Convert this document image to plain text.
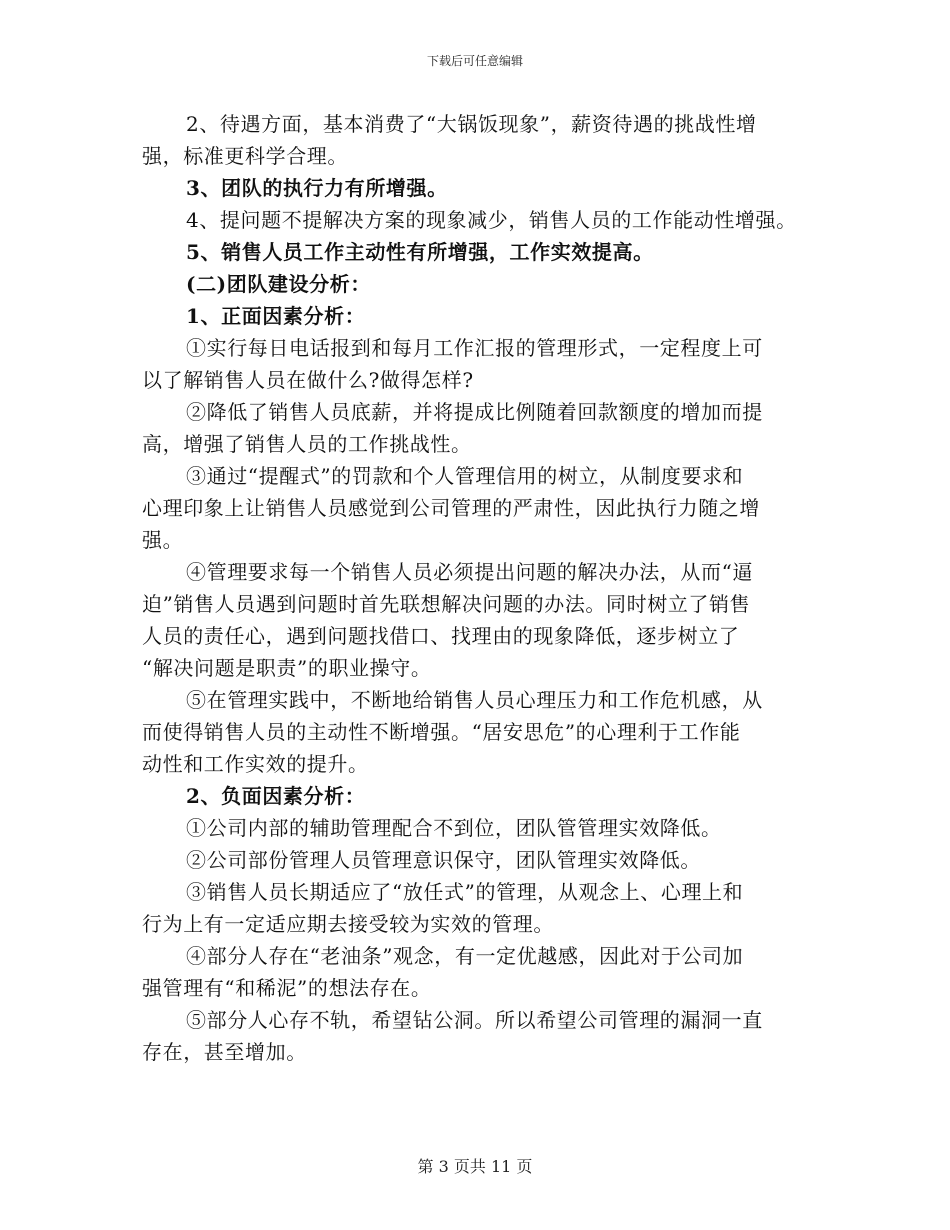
下载后可任意编辑
2、待遇方面，基本消费了“大锅饭现象”，薪资待遇的挑战性增
强，标准更科学合理。
3、团队的执行力有所增强。
4、提问题不提解决方案的现象减少，销售人员的工作能动性增强。
5、销售人员工作主动性有所增强，工作实效提高。
(二)团队建设分析：
1、正面因素分析：
①实行每日电话报到和每月工作汇报的管理形式，一定程度上可
以了解销售人员在做什么?做得怎样?
②降低了销售人员底薪，并将提成比例随着回款额度的增加而提
高，增强了销售人员的工作挑战性。
③通过“提醒式”的罚款和个人管理信用的树立，从制度要求和
心理印象上让销售人员感觉到公司管理的严肃性，因此执行力随之增
强。
④管理要求每一个销售人员必须提出问题的解决办法，从而“逼
迫”销售人员遇到问题时首先联想解决问题的办法。同时树立了销售
人员的责任心，遇到问题找借口、找理由的现象降低，逐步树立了
“解决问题是职责”的职业操守。
⑤在管理实践中，不断地给销售人员心理压力和工作危机感，从
而使得销售人员的主动性不断增强。“居安思危”的心理利于工作能
动性和工作实效的提升。
2、负面因素分析：
①公司内部的辅助管理配合不到位，团队管管理实效降低。
②公司部份管理人员管理意识保守，团队管理实效降低。
③销售人员长期适应了“放任式”的管理，从观念上、心理上和
行为上有一定适应期去接受较为实效的管理。
④部分人存在“老油条”观念，有一定优越感，因此对于公司加
强管理有“和稀泥”的想法存在。
⑤部分人心存不轨，希望钻公洞。所以希望公司管理的漏洞一直
存在，甚至增加。
第 3 页共 11 页
